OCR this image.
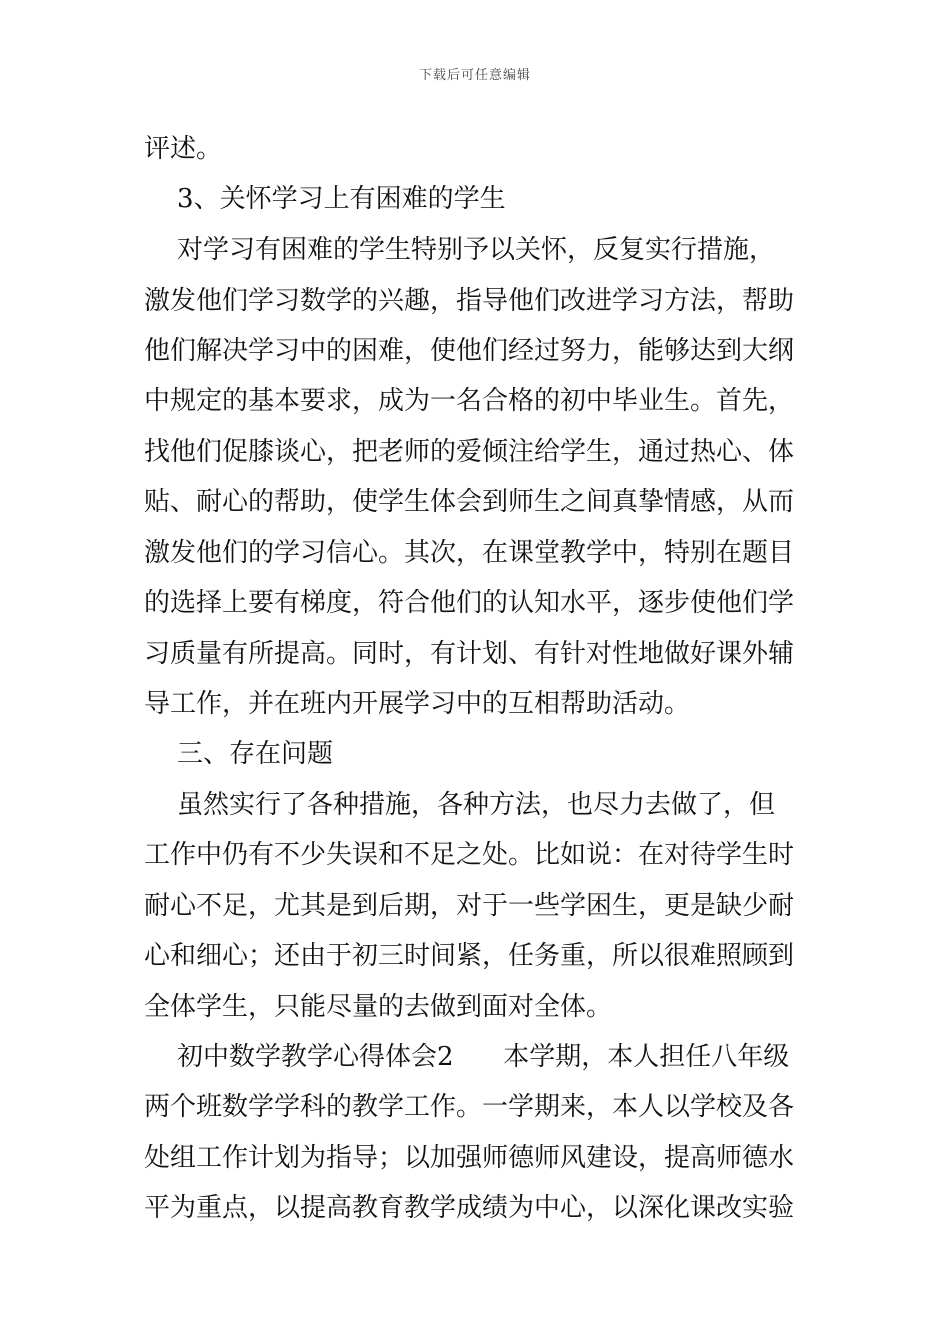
下载后可任意编辑
评述。
3、关怀学习上有困难的学生
对学习有困难的学生特别予以关怀，反复实行措施，
激发他们学习数学的兴趣，指导他们改进学习方法，帮助
他们解决学习中的困难，使他们经过努力，能够达到大纲
中规定的基本要求，成为一名合格的初中毕业生。首先，
找他们促膝谈心，把老师的爱倾注给学生，通过热心、体
贴、耐心的帮助，使学生体会到师生之间真挚情感，从而
激发他们的学习信心。其次，在课堂教学中，特别在题目
的选择上要有梯度，符合他们的认知水平，逐步使他们学
习质量有所提高。同时，有计划、有针对性地做好课外辅
导工作，并在班内开展学习中的互相帮助活动。
三、存在问题
虽然实行了各种措施，各种方法，也尽力去做了，但
工作中仍有不少失误和不足之处。比如说：在对待学生时
耐心不足，尤其是到后期，对于一些学困生，更是缺少耐
心和细心；还由于初三时间紧，任务重，所以很难照顾到
全体学生，只能尽量的去做到面对全体。
初中数学教学心得体会2      本学期，本人担任八年级
两个班数学学科的教学工作。一学期来，本人以学校及各
处组工作计划为指导；以加强师德师风建设，提高师德水
平为重点，以提高教育教学成绩为中心，以深化课改实验
